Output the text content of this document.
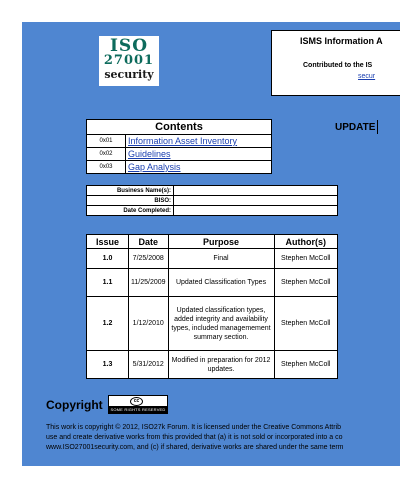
ISO
27001
security
ISMS Information A
Contributed to the IS
secur
UPDATE
Contents	
0x01	Information Asset Inventory
0x02	Guidelines
0x03	Gap Analysis
Business Name(s):	
BISO:	
Date Completed:	
Issue	Date	Purpose	Author(s)
1.0	7/25/2008	Final	Stephen McColl
1.1	11/25/2009	Updated Classification Types	Stephen McColl
1.2	1/12/2010	Updated classification types, added integrity and availability types, included managemement summary section.	Stephen McColl
1.3	5/31/2012	Modified in preparation for 2012 updates.	Stephen McColl
Copyright	cc
SOME RIGHTS RESERVED
This work is copyright © 2012, ISO27k Forum. It is licensed under the Creative Commons Attrib
use and create derivative works from this provided that (a) it is not sold or incorporated into a co
www.ISO27001security.com, and (c) if shared, derivative works are shared under the same term
